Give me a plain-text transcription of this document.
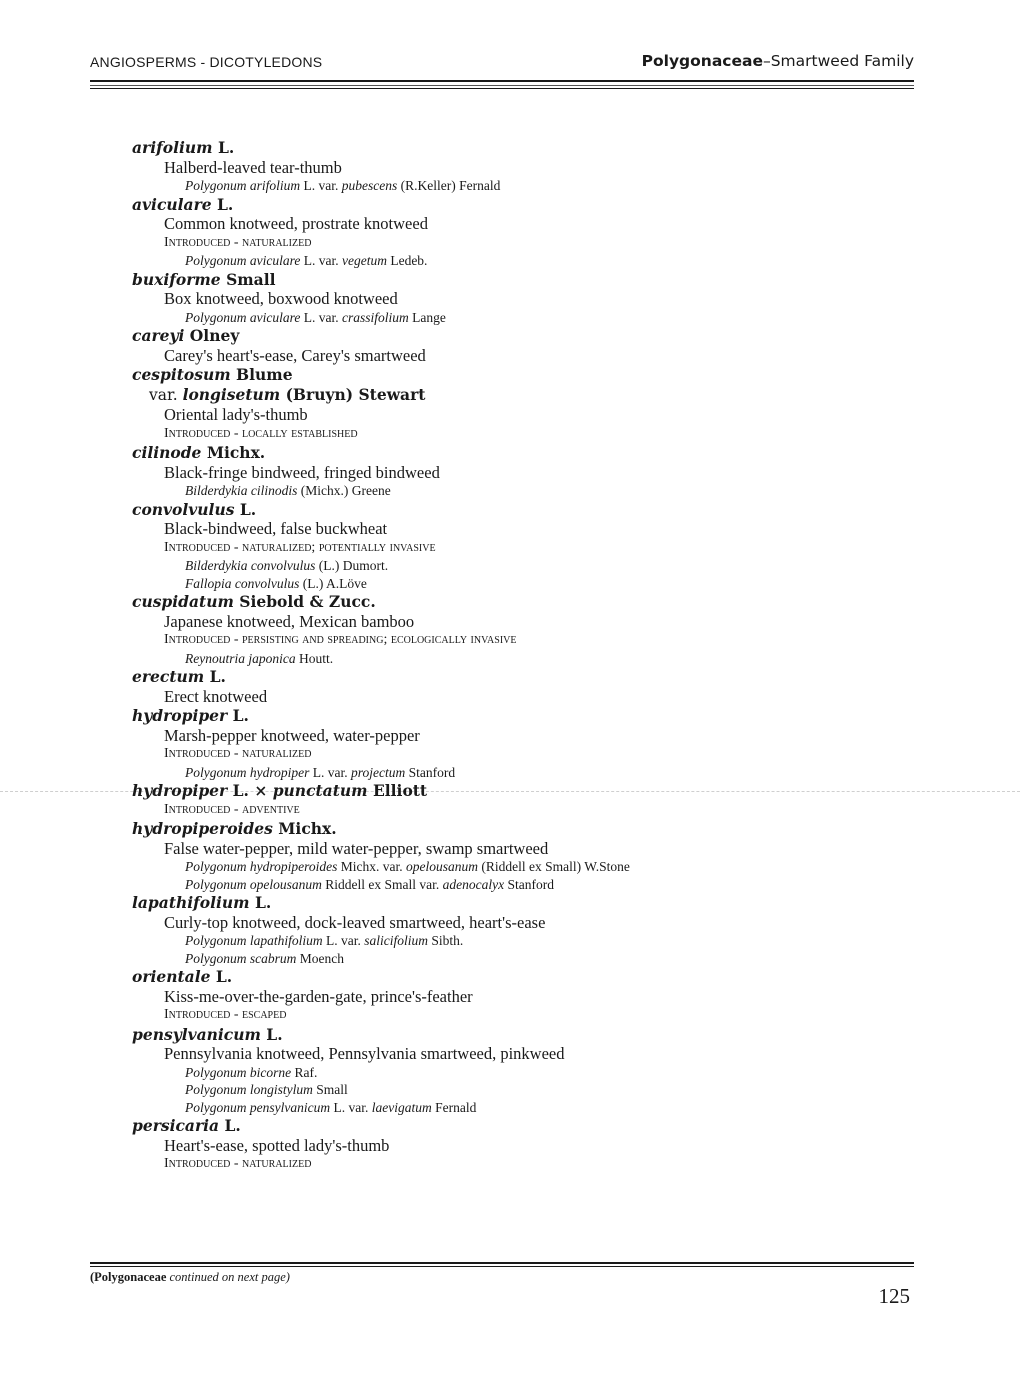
ANGIOSPERMS - DICOTYLEDONS	Polygonaceae–Smartweed Family
arifolium L.
Halberd-leaved tear-thumb
Polygonum arifolium L. var. pubescens (R.Keller) Fernald
aviculare L.
Common knotweed, prostrate knotweed
Introduced - naturalized
Polygonum aviculare L. var. vegetum Ledeb.
buxiforme Small
Box knotweed, boxwood knotweed
Polygonum aviculare L. var. crassifolium Lange
careyi Olney
Carey's heart's-ease, Carey's smartweed
cespitosum Blume
var. longisetum (Bruyn) Stewart
Oriental lady's-thumb
Introduced - locally established
cilinode Michx.
Black-fringe bindweed, fringed bindweed
Bilderdykia cilinodis (Michx.) Greene
convolvulus L.
Black-bindweed, false buckwheat
Introduced - naturalized; potentially invasive
Bilderdykia convolvulus (L.) Dumort.
Fallopia convolvulus (L.) A.Löve
cuspidatum Siebold & Zucc.
Japanese knotweed, Mexican bamboo
Introduced - persisting and spreading; ecologically invasive
Reynoutria japonica Houtt.
erectum L.
Erect knotweed
hydropiper L.
Marsh-pepper knotweed, water-pepper
Introduced - naturalized
Polygonum hydropiper L. var. projectum Stanford
hydropiper L. × punctatum Elliott
Introduced - adventive
hydropiperoides Michx.
False water-pepper, mild water-pepper, swamp smartweed
Polygonum hydropiperoides Michx. var. opelousanum (Riddell ex Small) W.Stone
Polygonum opelousanum Riddell ex Small var. adenocalyx Stanford
lapathifolium L.
Curly-top knotweed, dock-leaved smartweed, heart's-ease
Polygonum lapathifolium L. var. salicifolium Sibth.
Polygonum scabrum Moench
orientale L.
Kiss-me-over-the-garden-gate, prince's-feather
Introduced - escaped
pensylvanicum L.
Pennsylvania knotweed, Pennsylvania smartweed, pinkweed
Polygonum bicorne Raf.
Polygonum longistylum Small
Polygonum pensylvanicum L. var. laevigatum Fernald
persicaria L.
Heart's-ease, spotted lady's-thumb
Introduced - naturalized
(Polygonaceae continued on next page)
125
